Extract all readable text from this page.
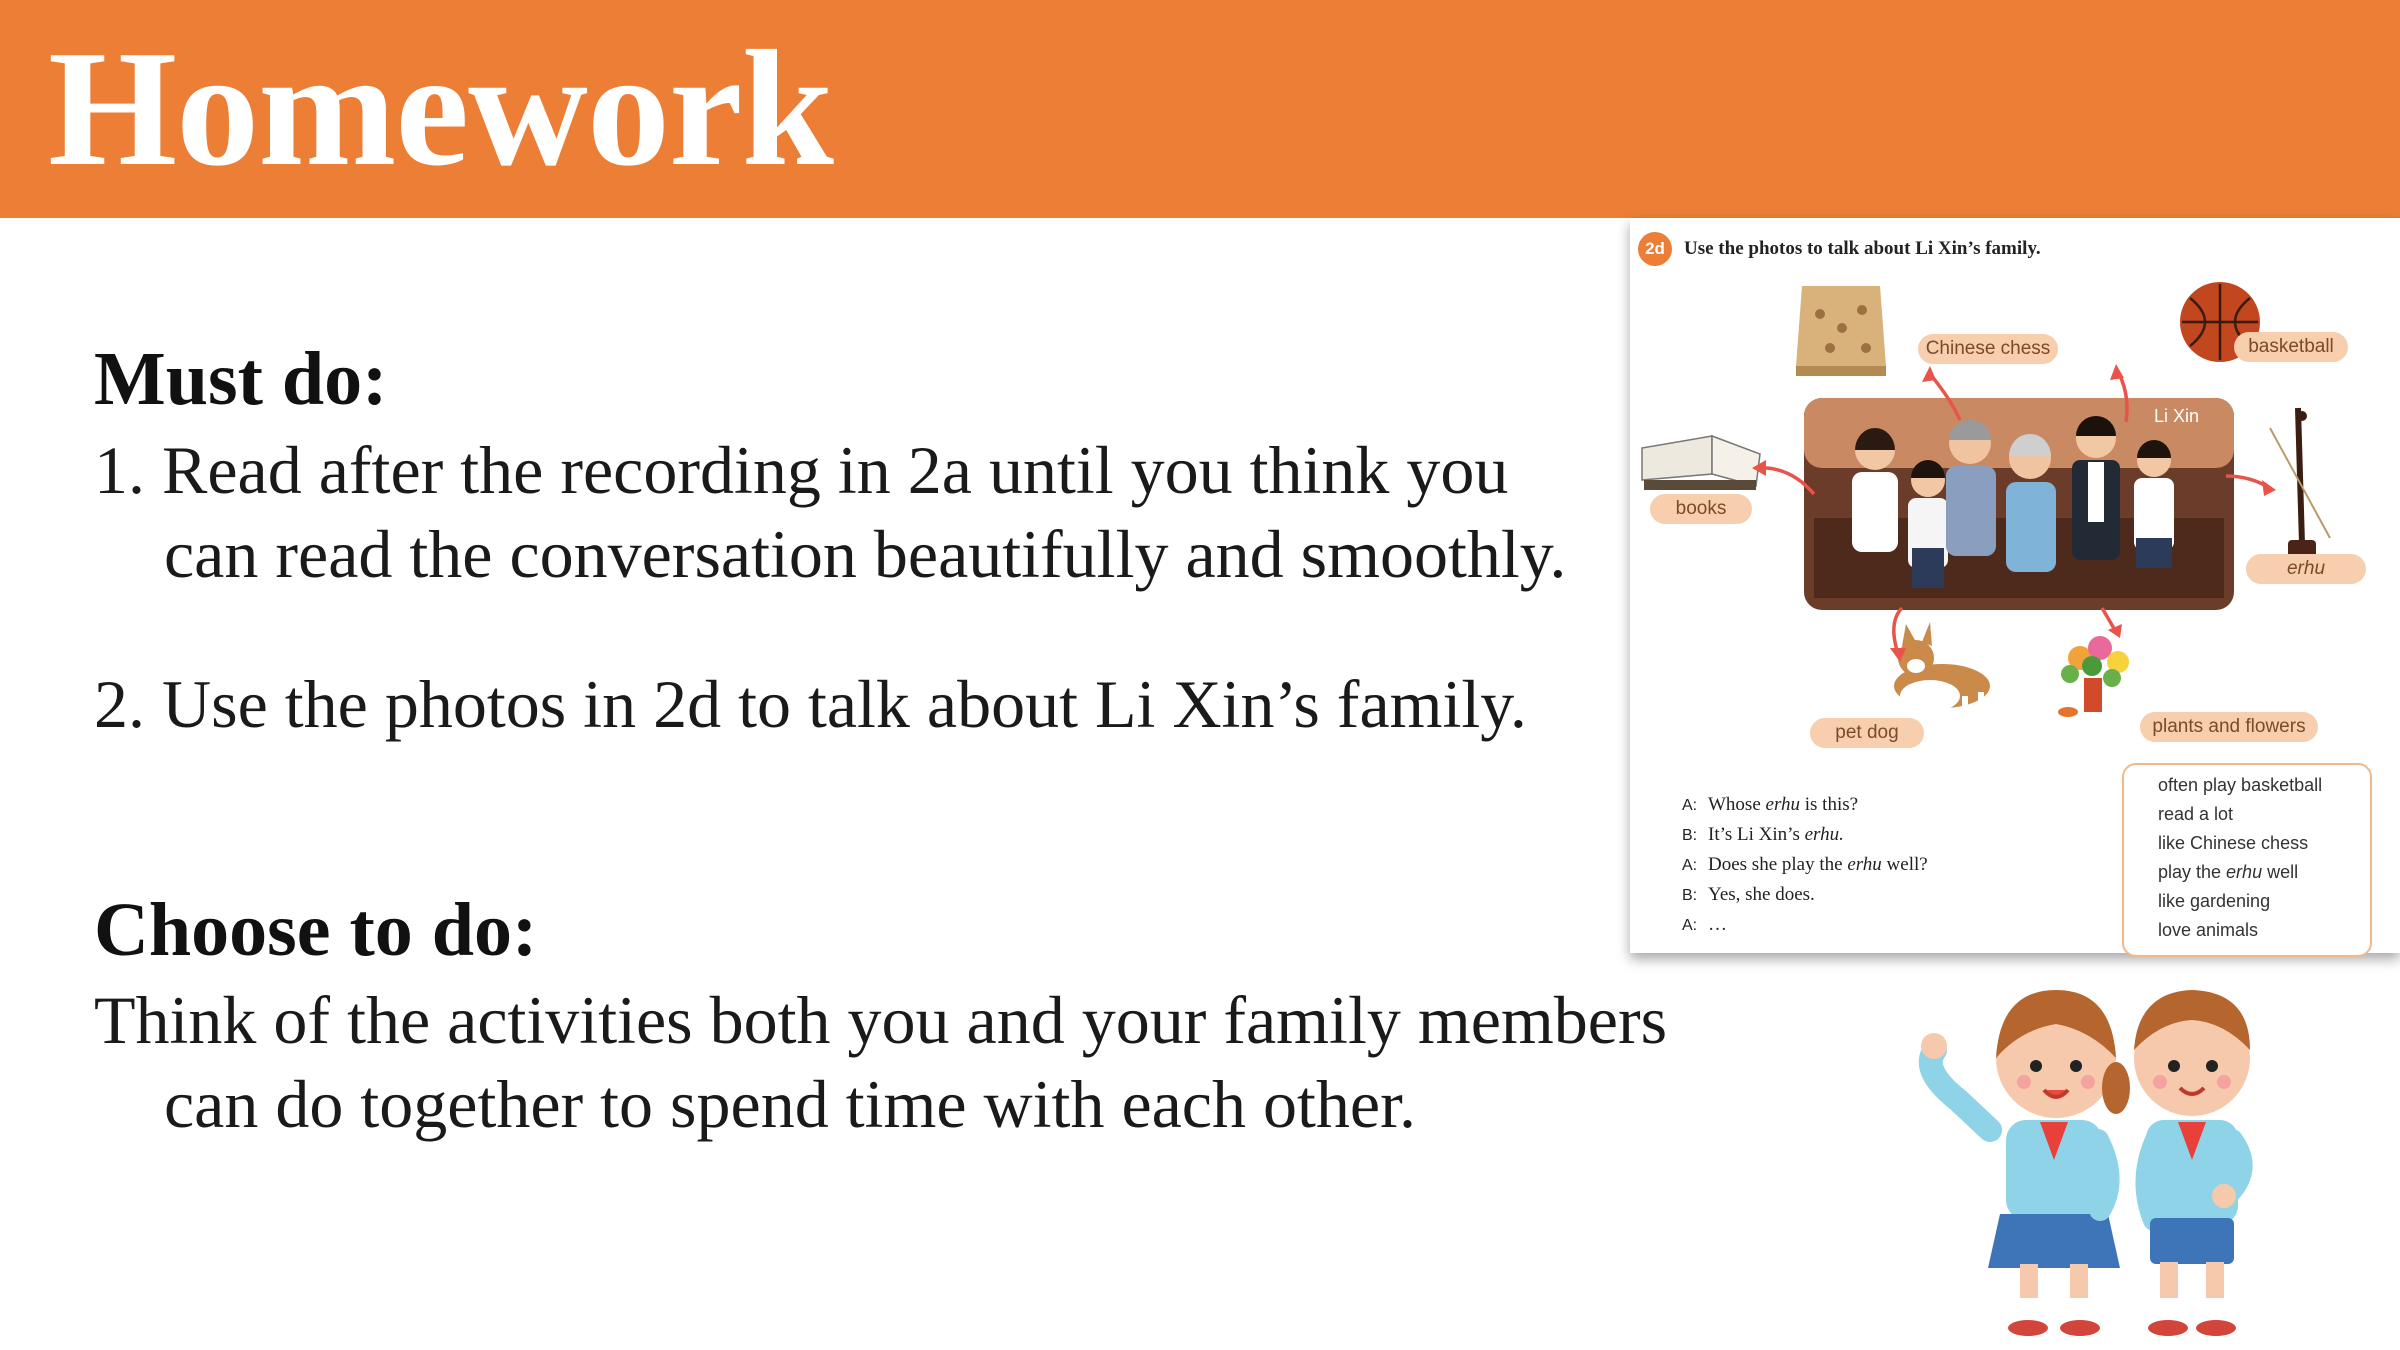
Homework
Must do:
1. Read after the recording in 2a until you think you
can read the conversation beautifully and smoothly.
2. Use the photos in 2d to talk about Li Xin’s family.
Choose to do:
Think of the activities both you and your family members
can do together to spend time with each other.
2d	Use the photos to talk about Li Xin’s family.
Chinese chess	basketball
books
erhu
pet dog	plants and flowers
Li Xin
A: Whose erhu is this?
B: It’s Li Xin’s erhu.
A: Does she play the erhu well?
B: Yes, she does.
A: …
often play basketball
read a lot
like Chinese chess
play the erhu well
like gardening
love animals
